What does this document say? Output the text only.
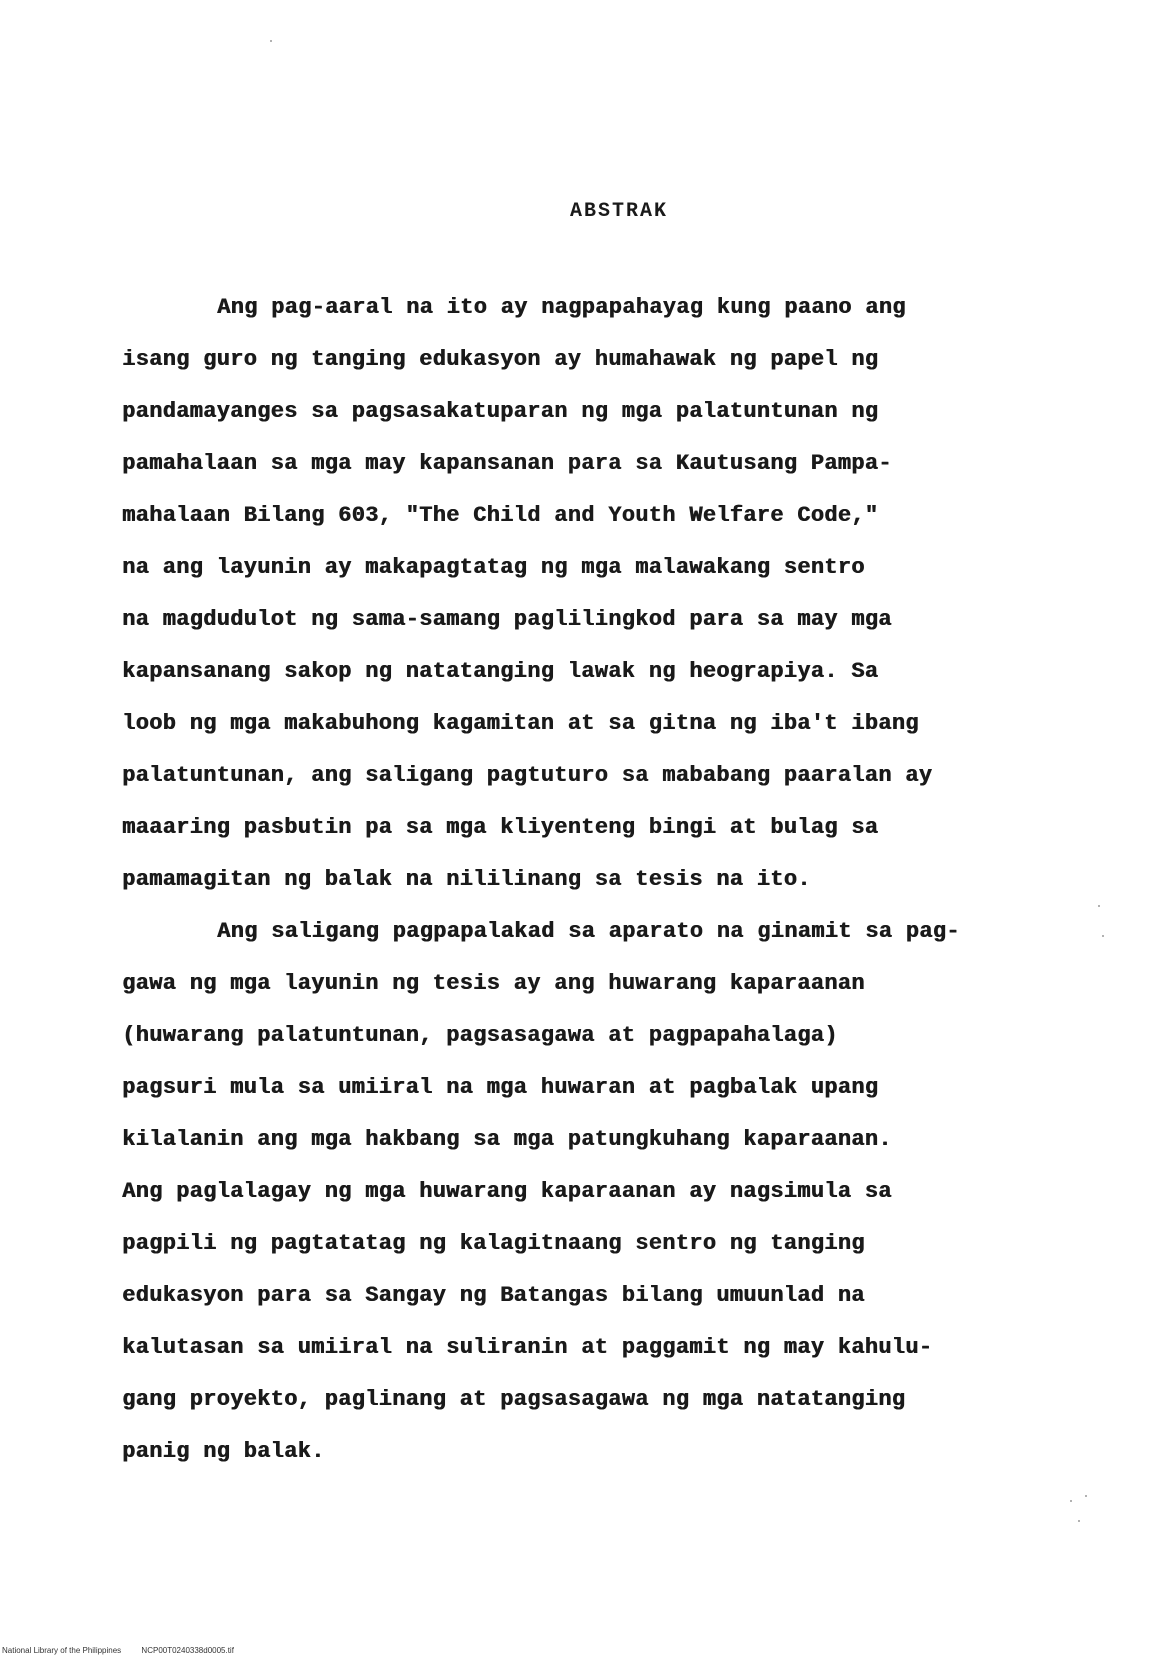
ABSTRAK
Ang pag-aaral na ito ay nagpapahayag kung paano ang
isang guro ng tanging edukasyon ay humahawak ng papel ng
pandamayanges sa pagsasakatuparan ng mga palatuntunan ng
pamahalaan sa mga may kapansanan para sa Kautusang Pampa-
mahalaan Bilang 603, "The Child and Youth Welfare Code,"
na ang layunin ay makapagtatag ng mga malawakang sentro
na magdudulot ng sama-samang paglilingkod para sa may mga
kapansanang sakop ng natatanging lawak ng heograpiya. Sa
loob ng mga makabuhong kagamitan at sa gitna ng iba't ibang
palatuntunan, ang saligang pagtuturo sa mababang paaralan ay
maaaring pasbutin pa sa mga kliyenteng bingi at bulag sa
pamamagitan ng balak na nililinang sa tesis na ito.
Ang saligang pagpapalakad sa aparato na ginamit sa pag-
gawa ng mga layunin ng tesis ay ang huwarang kaparaanan
(huwarang palatuntunan, pagsasagawa at pagpapahalaga)
pagsuri mula sa umiiral na mga huwaran at pagbalak upang
kilalanin ang mga hakbang sa mga patungkuhang kaparaanan.
Ang paglalagay ng mga huwarang kaparaanan ay nagsimula sa
pagpili ng pagtatatag ng kalagitnaang sentro ng tanging
edukasyon para sa Sangay ng Batangas bilang umuunlad na
kalutasan sa umiiral na suliranin at paggamit ng may kahulu-
gang proyekto, paglinang at pagsasagawa ng mga natatanging
panig ng balak.
National Library of the Philippines	NCP00T0240338d0005.tif
